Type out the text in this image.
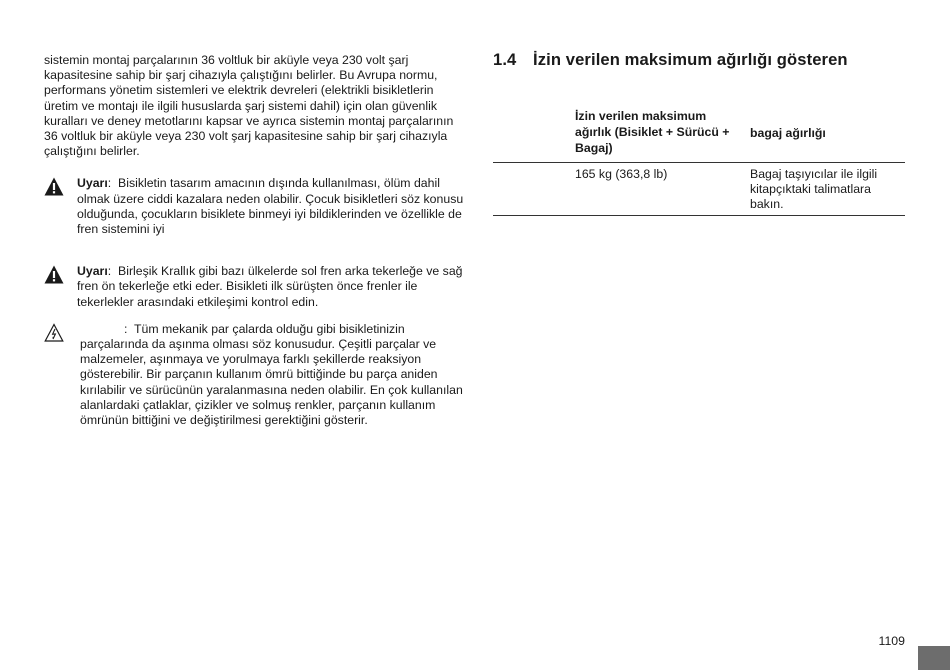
sistemin montaj parçalarının 36 voltluk bir aküyle veya 230 volt şarj kapasitesine sahip bir şarj cihazıyla çalıştığını belirler. Bu Avrupa normu, performans yönetim sistemleri ve elektrik devreleri (elektrikli bisikletlerin üretim ve montajı ile ilgili hususlarda şarj sistemi dahil) için olan güvenlik kuralları ve deney metotlarını kapsar ve ayrıca sistemin montaj parçalarının 36 voltluk bir aküyle veya 230 volt şarj kapasitesine sahip bir şarj cihazıyla çalıştığını belirler.

Uyarı:  Bisikletin tasarım amacının dışında kullanılması, ölüm dahil olmak üzere ciddi kazalara neden olabilir. Çocuk bisikletleri söz konusu olduğunda, çocukların bisiklete binmeyi iyi bildiklerinden ve özellikle de fren sistemini iyi
Uyarı:  Birleşik Krallık gibi bazı ülkelerde sol fren arka tekerleğe ve sağ fren ön tekerleğe etki eder. Bisikleti ilk sürüşten önce frenler ile tekerlekler arasındaki etkileşimi kontrol edin.
:  Tüm mekanik par çalarda olduğu gibi bisikletinizin parçalarında da aşınma olması söz konusudur. Çeşitli parçalar ve malzemeler, aşınmaya ve yorulmaya farklı şekillerde reaksiyon gösterebilir. Bir parçanın kullanım ömrü bittiğinde bu parça aniden kırılabilir ve sürücünün yaralanmasına neden olabilir. En çok kullanılan alanlardaki çatlaklar, çizikler ve solmuş renkler, parçanın kullanım ömrünün bittiğini ve değiştirilmesi gerektiğini gösterir.
1.4 İzin verilen maksimum ağırlığı gösteren
İzin verilen maksimum ağırlık (Bisiklet + Sürücü + Bagaj)
bagaj ağırlığı
165 kg (363,8 lb)	Bagaj taşıyıcılar ile ilgili kitapçıktaki talimatlara bakın.
1109
